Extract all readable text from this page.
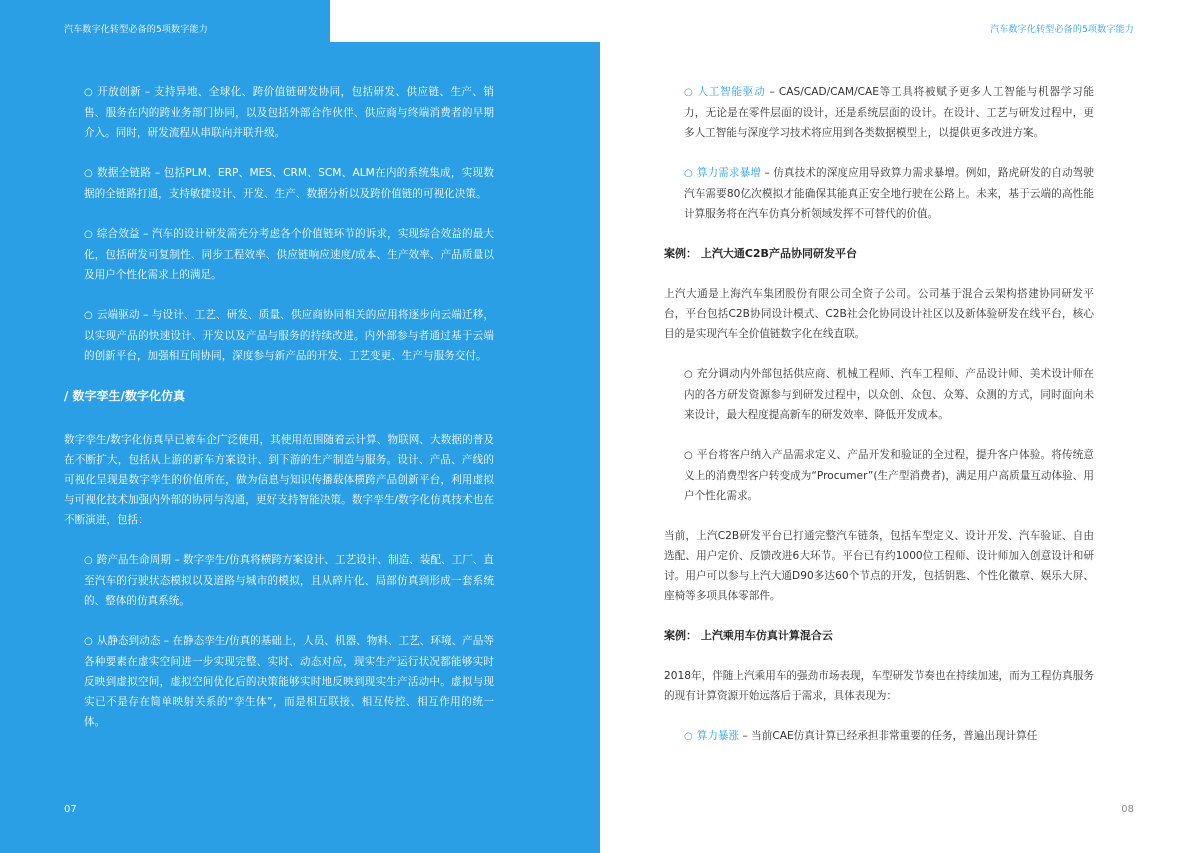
汽车数字化转型必备的5项数字能力

○ 开放创新 – 支持异地、全球化、跨价值链研发协同，包括研发、供应链、生产、销售、服务在内的跨业务部门协同，以及包括外部合作伙伴、供应商与终端消费者的早期介入。同时，研发流程从串联向并联升级。

○ 数据全链路 – 包括PLM、ERP、MES、CRM、SCM、ALM在内的系统集成，实现数据的全链路打通，支持敏捷设计、开发、生产、数据分析以及跨价值链的可视化决策。

○ 综合效益 – 汽车的设计研发需充分考虑各个价值链环节的诉求，实现综合效益的最大化，包括研发可复制性、同步工程效率、供应链响应速度/成本、生产效率、产品质量以及用户个性化需求上的满足。

○ 云端驱动 – 与设计、工艺、研发、质量、供应商协同相关的应用将逐步向云端迁移，以实现产品的快速设计、开发以及产品与服务的持续改进。内外部参与者通过基于云端的创新平台，加强相互间协同，深度参与新产品的开发、工艺变更、生产与服务交付。

/ 数字孪生/数字化仿真

数字孪生/数字化仿真早已被车企广泛使用，其使用范围随着云计算、物联网、大数据的普及在不断扩大，包括从上游的新车方案设计、到下游的生产制造与服务。设计、产品、产线的可视化呈现是数字孪生的价值所在，做为信息与知识传播载体横跨产品创新平台，利用虚拟与可视化技术加强内外部的协同与沟通，更好支持智能决策。数字孪生/数字化仿真技术也在不断演进，包括：

○ 跨产品生命周期 – 数字孪生/仿真将横跨方案设计、工艺设计、制造、装配、工厂、直至汽车的行驶状态模拟以及道路与城市的模拟，且从碎片化、局部仿真到形成一套系统的、整体的仿真系统。

○ 从静态到动态 – 在静态孪生/仿真的基础上，人员、机器、物料、工艺、环境、产品等各种要素在虚实空间进一步实现完整、实时、动态对应，现实生产运行状况都能够实时反映到虚拟空间，虚拟空间优化后的决策能够实时地反映到现实生产活动中。虚拟与现实已不是存在简单映射关系的“孪生体”，而是相互联接、相互传控、相互作用的统一体。

07
汽车数字化转型必备的5项数字能力

○ 人工智能驱动 – CAS/CAD/CAM/CAE等工具将被赋予更多人工智能与机器学习能力，无论是在零件层面的设计，还是系统层面的设计。在设计、工艺与研发过程中，更多人工智能与深度学习技术将应用到各类数据模型上，以提供更多改进方案。

○ 算力需求暴增 – 仿真技术的深度应用导致算力需求暴增。例如，路虎研发的自动驾驶汽车需要80亿次模拟才能确保其能真正安全地行驶在公路上。未来，基于云端的高性能计算服务将在汽车仿真分析领域发挥不可替代的价值。

案例： 上汽大通C2B产品协同研发平台

上汽大通是上海汽车集团股份有限公司全资子公司。公司基于混合云架构搭建协同研发平台，平台包括C2B协同设计模式、C2B社会化协同设计社区以及新体验研发在线平台，核心目的是实现汽车全价值链数字化在线直联。

○ 充分调动内外部包括供应商、机械工程师、汽车工程师、产品设计师、美术设计师在内的各方研发资源参与到研发过程中，以众创、众包、众筹、众测的方式，同时面向未来设计，最大程度提高新车的研发效率、降低开发成本。

○ 平台将客户纳入产品需求定义、产品开发和验证的全过程，提升客户体验。将传统意义上的消费型客户转变成为“Procumer”(生产型消费者)，满足用户高质量互动体验、用户个性化需求。

当前，上汽C2B研发平台已打通完整汽车链条，包括车型定义、设计开发、汽车验证、自由选配、用户定价、反馈改进6大环节。平台已有约1000位工程师、设计师加入创意设计和研讨。用户可以参与上汽大通D90多达60个节点的开发，包括钥匙、个性化徽章、娱乐大屏、座椅等多项具体零部件。

案例： 上汽乘用车仿真计算混合云

2018年，伴随上汽乘用车的强劲市场表现，车型研发节奏也在持续加速，而为工程仿真服务的现有计算资源开始远落后于需求，具体表现为：

○ 算力暴涨 – 当前CAE仿真计算已经承担非常重要的任务，普遍出现计算任

08
